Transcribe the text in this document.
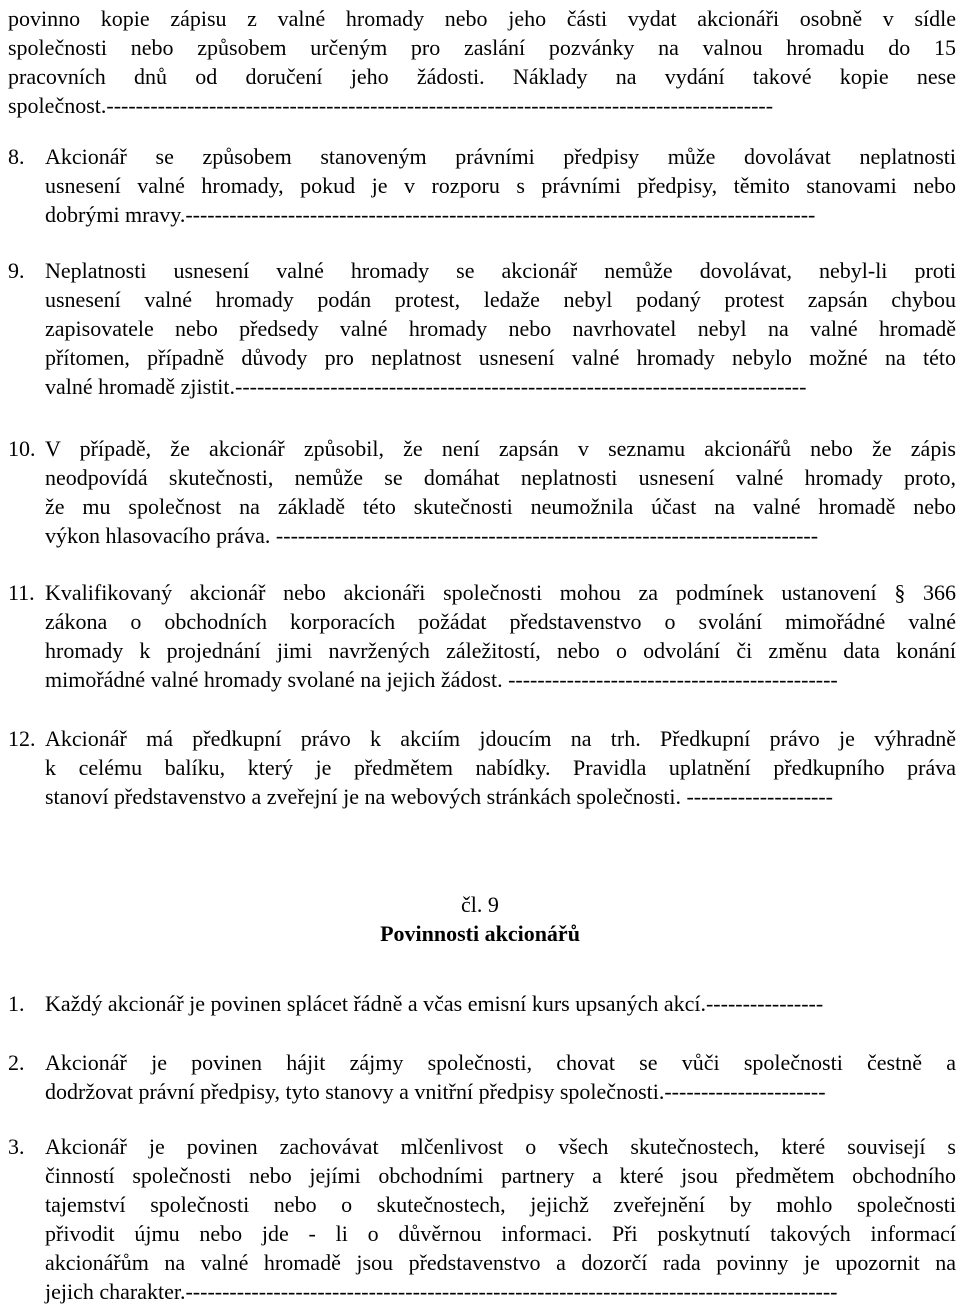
povinno kopie zápisu z valné hromady nebo jeho části vydat akcionáři osobně v sídle
společnosti nebo způsobem určeným pro zaslání pozvánky na valnou hromadu do 15
pracovních dnů od doručení jeho žádosti. Náklady na vydání takové kopie nese
společnost.-------------------------------------------------------------------------------------------
8. Akcionář se způsobem stanoveným právními předpisy může dovolávat neplatnosti
usnesení valné hromady, pokud je v rozporu s právními předpisy, těmito stanovami nebo
dobrými mravy.--------------------------------------------------------------------------------------
9. Neplatnosti usnesení valné hromady se akcionář nemůže dovolávat, nebyl-li proti
usnesení valné hromady podán protest, ledaže nebyl podaný protest zapsán chybou
zapisovatele nebo předsedy valné hromady nebo navrhovatel nebyl na valné hromadě
přítomen, případně důvody pro neplatnost usnesení valné hromady nebylo možné na této
valné hromadě zjistit.------------------------------------------------------------------------------
10. V případě, že akcionář způsobil, že není zapsán v seznamu akcionářů nebo že zápis
neodpovídá skutečnosti, nemůže se domáhat neplatnosti usnesení valné hromady proto,
že mu společnost na základě této skutečnosti neumožnila účast na valné hromadě nebo
výkon hlasovacího práva. --------------------------------------------------------------------------
11. Kvalifikovaný akcionář nebo akcionáři společnosti mohou za podmínek ustanovení § 366
zákona o obchodních korporacích požádat představenstvo o svolání mimořádné valné
hromady k projednání jimi navržených záležitostí, nebo o odvolání či změnu data konání
mimořádné valné hromady svolané na jejich žádost. ---------------------------------------------
12. Akcionář má předkupní právo k akciím jdoucím na trh. Předkupní právo je výhradně
k celému balíku, který je předmětem nabídky. Pravidla uplatnění předkupního práva
stanoví představenstvo a zveřejní je na webových stránkách společnosti. --------------------
čl. 9
Povinnosti akcionářů
1. Každý akcionář je povinen splácet řádně a včas emisní kurs upsaných akcí.----------------
2. Akcionář je povinen hájit zájmy společnosti, chovat se vůči společnosti čestně a
dodržovat právní předpisy, tyto stanovy a vnitřní předpisy společnosti.----------------------
3. Akcionář je povinen zachovávat mlčenlivost o všech skutečnostech, které souvisejí s
činností společnosti nebo jejími obchodními partnery a které jsou předmětem obchodního
tajemství společnosti nebo o skutečnostech, jejichž zveřejnění by mohlo společnosti
přivodit újmu nebo jde - li o důvěrnou informaci. Při poskytnutí takových informací
akcionářům na valné hromadě jsou představenstvo a dozorčí rada povinny je upozornit na
jejich charakter.-----------------------------------------------------------------------------------------
